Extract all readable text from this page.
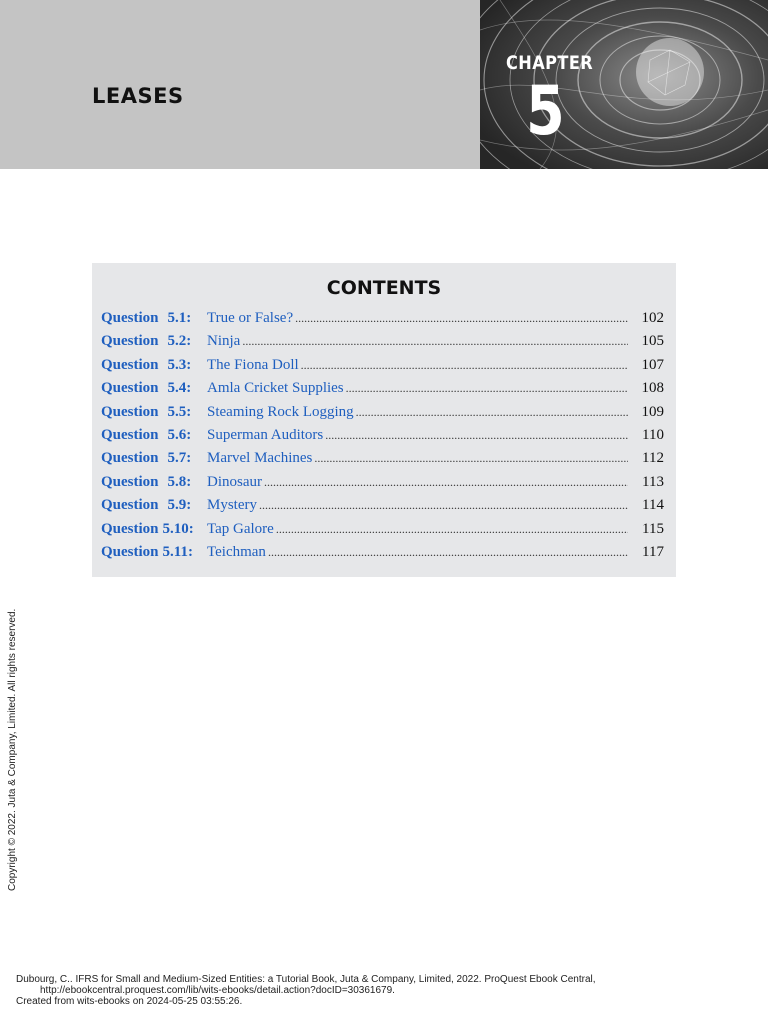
LEASES
CHAPTER
5
CONTENTS
Question 5.1:	True or False? .....	102
Question 5.2:	Ninja .....	105
Question 5.3:	The Fiona Doll .....	107
Question 5.4:	Amla Cricket Supplies .....	108
Question 5.5:	Steaming Rock Logging .....	109
Question 5.6:	Superman Auditors .....	110
Question 5.7:	Marvel Machines .....	112
Question 5.8:	Dinosaur .....	113
Question 5.9:	Mystery .....	114
Question 5.10: Tap Galore .....	115
Question 5.11: Teichman .....	117
Copyright © 2022. Juta & Company, Limited. All rights reserved.
Dubourg, C.. IFRS for Small and Medium-Sized Entities: a Tutorial Book, Juta & Company, Limited, 2022. ProQuest Ebook Central,
http://ebookcentral.proquest.com/lib/wits-ebooks/detail.action?docID=30361679.
Created from wits-ebooks on 2024-05-25 03:55:26.
